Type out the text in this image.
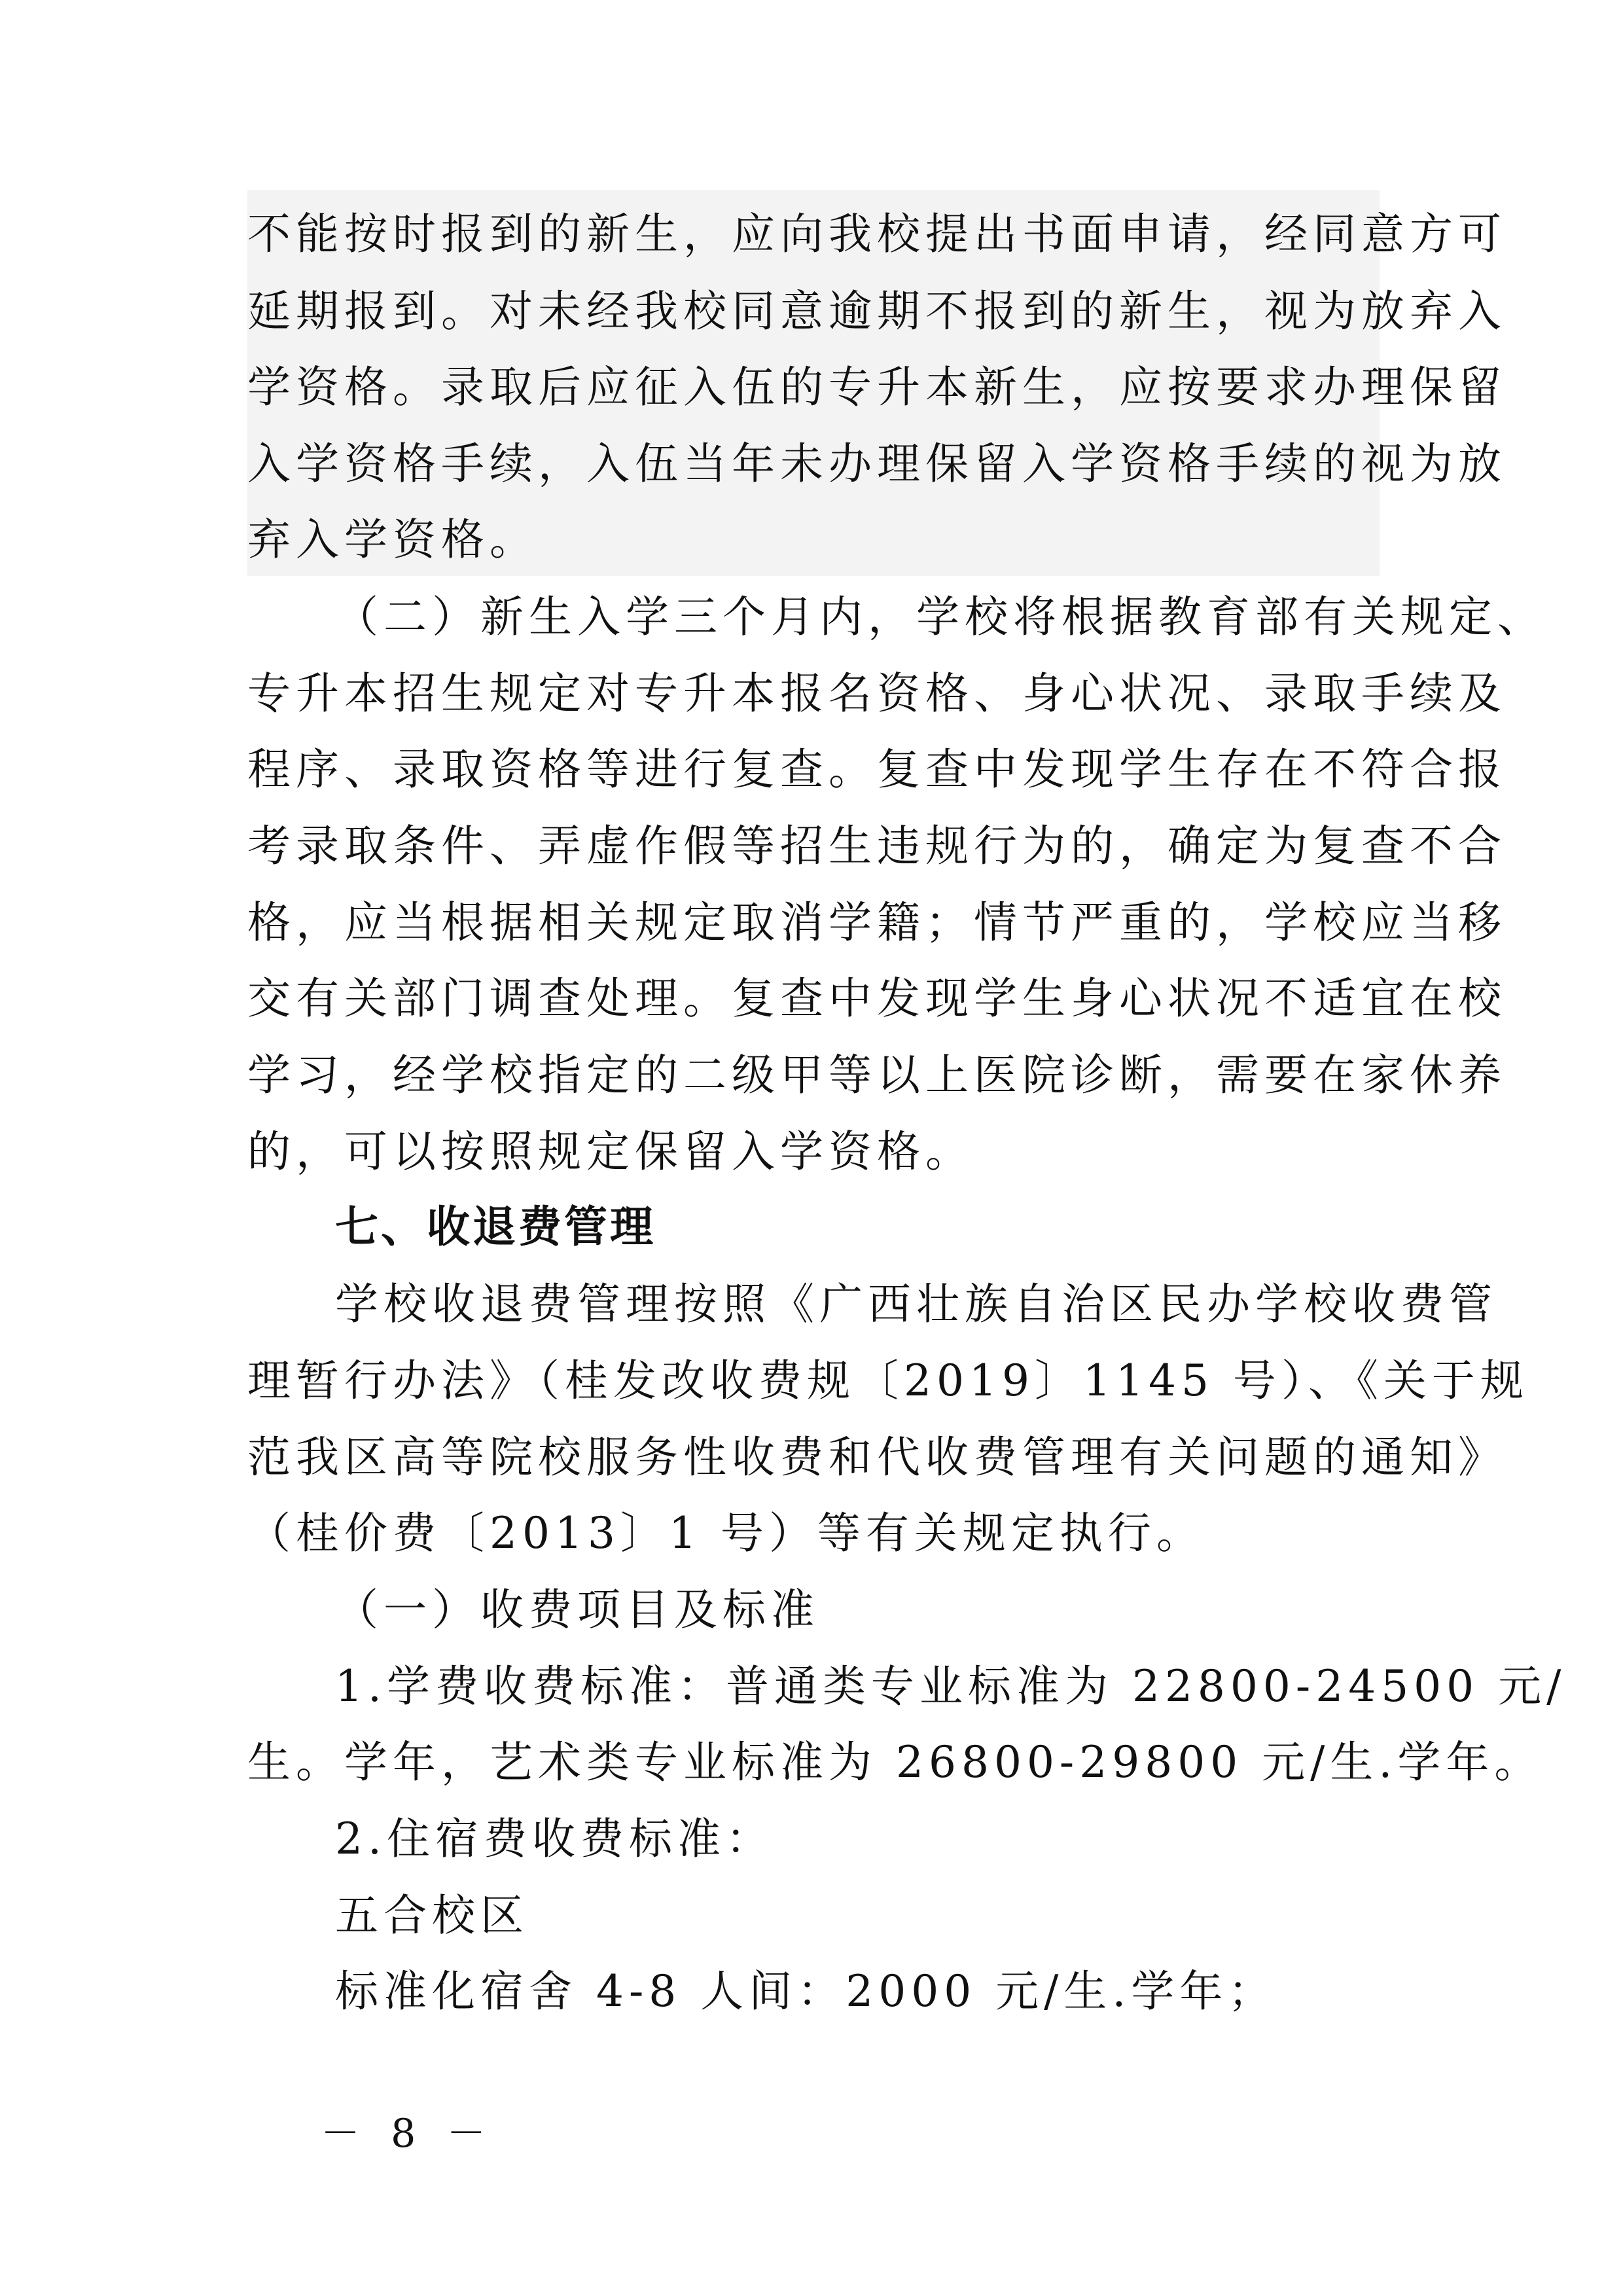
不能按时报到的新生，应向我校提出书面申请，经同意方可
延期报到。对未经我校同意逾期不报到的新生，视为放弃入
学资格。录取后应征入伍的专升本新生，应按要求办理保留
入学资格手续，入伍当年未办理保留入学资格手续的视为放
弃入学资格。
（二）新生入学三个月内，学校将根据教育部有关规定、
专升本招生规定对专升本报名资格、身心状况、录取手续及
程序、录取资格等进行复查。复查中发现学生存在不符合报
考录取条件、弄虚作假等招生违规行为的，确定为复查不合
格，应当根据相关规定取消学籍；情节严重的，学校应当移
交有关部门调查处理。复查中发现学生身心状况不适宜在校
学习，经学校指定的二级甲等以上医院诊断，需要在家休养
的，可以按照规定保留入学资格。
七、收退费管理
学校收退费管理按照《广西壮族自治区民办学校收费管
理暂行办法》（桂发改收费规〔2019〕1145 号）、《关于规
范我区高等院校服务性收费和代收费管理有关问题的通知》
（桂价费〔2013〕1 号）等有关规定执行。
（一）收费项目及标准
1.学费收费标准：普通类专业标准为 22800-24500 元/
生。学年，艺术类专业标准为 26800-29800 元/生.学年。
2.住宿费收费标准：
五合校区
标准化宿舍 4-8 人间：2000 元/生.学年；
－ 8 －
